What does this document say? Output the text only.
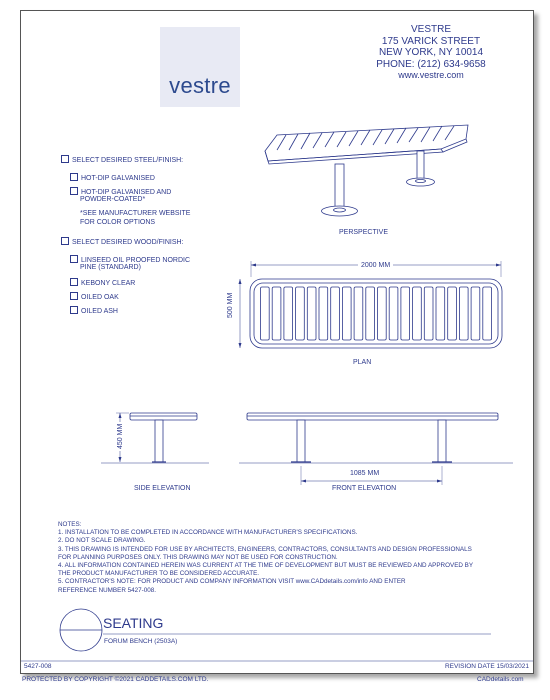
vestre
VESTRE
175 VARICK STREET
NEW YORK, NY 10014
PHONE: (212) 634-9658
www.vestre.com
SELECT DESIRED STEEL/FINISH:
HOT-DIP GALVANISED
HOT-DIP GALVANISED AND
POWDER-COATED*
*SEE MANUFACTURER WEBSITE
FOR COLOR OPTIONS
SELECT DESIRED WOOD/FINISH:
LINSEED OIL PROOFED NORDIC
PINE (STANDARD)
KEBONY CLEAR
OILED OAK
OILED ASH
PERSPECTIVE
2000 MM
500 MM
PLAN
450 MM
1085 MM
SIDE ELEVATION	FRONT ELEVATION
NOTES:
1. INSTALLATION TO BE COMPLETED IN ACCORDANCE WITH MANUFACTURER'S SPECIFICATIONS.
2. DO NOT SCALE DRAWING.
3. THIS DRAWING IS INTENDED FOR USE BY ARCHITECTS, ENGINEERS, CONTRACTORS, CONSULTANTS AND DESIGN PROFESSIONALS
FOR PLANNING PURPOSES ONLY. THIS DRAWING MAY NOT BE USED FOR CONSTRUCTION.
4. ALL INFORMATION CONTAINED HEREIN WAS CURRENT AT THE TIME OF DEVELOPMENT BUT MUST BE REVIEWED AND APPROVED BY
THE PRODUCT MANUFACTURER TO BE CONSIDERED ACCURATE.
5. CONTRACTOR'S NOTE: FOR PRODUCT AND COMPANY INFORMATION VISIT www.CADdetails.com/info AND ENTER
REFERENCE NUMBER 5427-008.
SEATING
FORUM BENCH (2503A)
5427-008	REVISION DATE 15/03/2021
PROTECTED BY COPYRIGHT ©2021 CADDETAILS.COM LTD.	CADdetails.com
